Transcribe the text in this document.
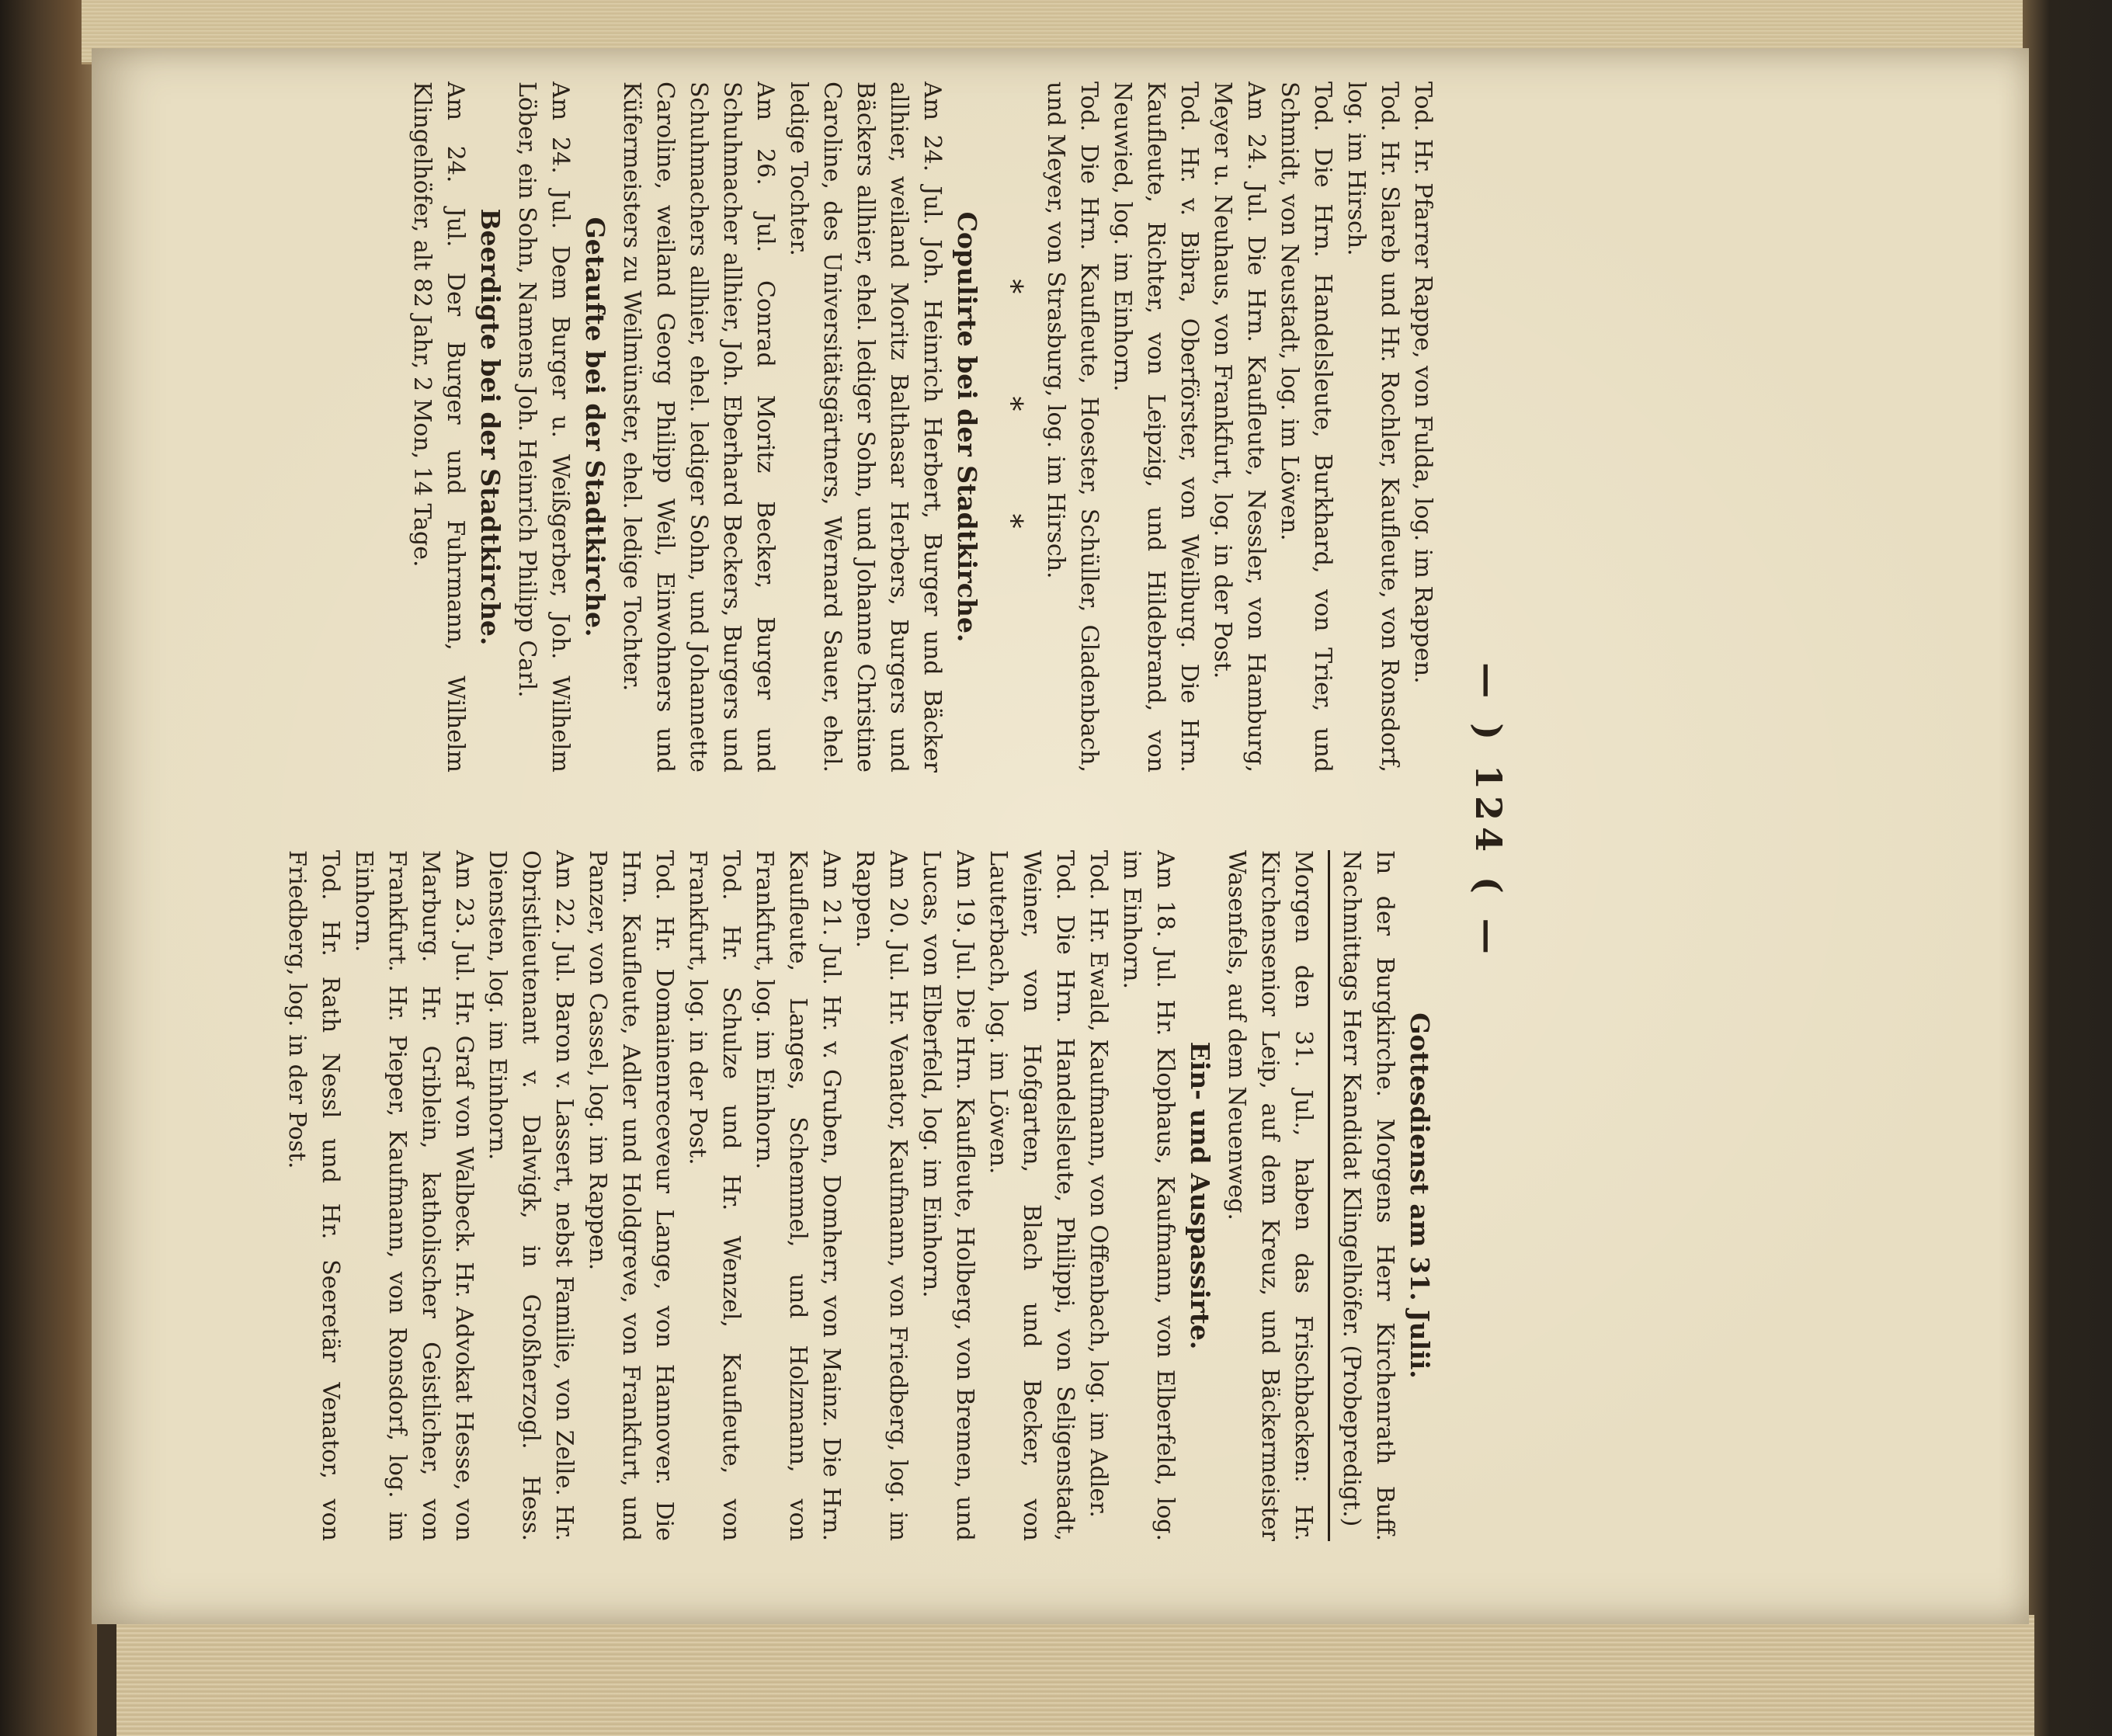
— ) 124 ( —
Tod. Hr. Pfarrer Rappe, von Fulda, log. im Rappen.
Tod. Hr. Slareb und Hr. Rochler, Kaufleute, von Ronsdorf, log. im Hirsch.
Tod. Die Hrn. Handelsleute, Burkhard, von Trier, und Schmidt, von Neustadt, log. im Löwen.
Am 24. Jul. Die Hrn. Kaufleute, Nessler, von Hamburg, Meyer u. Neuhaus, von Frankfurt, log. in der Post.
Tod. Hr. v. Bibra, Oberförster, von Weilburg. Die Hrn. Kaufleute, Richter, von Leipzig, und Hildebrand, von Neuwied, log. im Einhorn.
Tod. Die Hrn. Kaufleute, Hoester, Schüller, Gladenbach, und Meyer, von Strasburg, log. im Hirsch.
* * *
Copulirte bei der Stadtkirche.
Am 24. Jul. Joh. Heinrich Herbert, Burger und Bäcker allhier, weiland Moritz Balthasar Herbers, Burgers und Bäckers allhier, ehel. lediger Sohn, und Johanne Christine Caroline, des Universitätsgärtners, Wernard Sauer, ehel. ledige Tochter.
Am 26. Jul. Conrad Moritz Becker, Burger und Schuhmacher allhier, Joh. Eberhard Beckers, Burgers und Schuhmachers allhier, ehel. lediger Sohn, und Johannette Caroline, weiland Georg Philipp Weil, Einwohners und Küfermeisters zu Weilmünster, ehel. ledige Tochter.
Getaufte bei der Stadtkirche.
Am 24. Jul. Dem Burger u. Weißgerber, Joh. Wilhelm Löber, ein Sohn, Namens Joh. Heinrich Philipp Carl.
Beerdigte bei der Stadtkirche.
Am 24. Jul. Der Burger und Fuhrmann, Wilhelm Klingelhöfer, alt 82 Jahr, 2 Mon, 14 Tage.
Gottesdienst am 31. Julii.
In der Burgkirche. Morgens Herr Kirchenrath Buff. Nachmittags Herr Kandidat Klingelhöfer. (Probepredigt.)
Morgen den 31. Jul., haben das Frischbacken: Hr. Kirchensenior Leip, auf dem Kreuz, und Bäckermeister Wasenfels, auf dem Neuenweg.
Ein- und Auspassirte.
Am 18. Jul. Hr. Klophaus, Kaufmann, von Elberfeld, log. im Einhorn.
Tod. Hr. Ewald, Kaufmann, von Offenbach, log. im Adler.
Tod. Die Hrn. Handelsleute, Philippi, von Seligenstadt, Weiner, von Hofgarten, Blach und Becker, von Lauterbach, log. im Löwen.
Am 19. Jul. Die Hrn. Kaufleute, Holberg, von Bremen, und Lucas, von Elberfeld, log. im Einhorn.
Am 20. Jul. Hr. Venator, Kaufmann, von Friedberg, log. im Rappen.
Am 21. Jul. Hr. v. Gruben, Domherr, von Mainz. Die Hrn. Kaufleute, Langes, Schemmel, und Holzmann, von Frankfurt, log. im Einhorn.
Tod. Hr. Schulze und Hr. Wenzel, Kaufleute, von Frankfurt, log. in der Post.
Tod. Hr. Domainenreceveur Lange, von Hannover. Die Hrn. Kaufleute, Adler und Holdgreve, von Frankfurt, und Panzer, von Cassel, log. im Rappen.
Am 22. Jul. Baron v. Lassert, nebst Familie, von Zelle. Hr. Obristlieutenant v. Dalwigk, in Großherzogl. Hess. Diensten, log. im Einhorn.
Am 23. Jul. Hr. Graf von Walbeck. Hr. Advokat Hesse, von Marburg. Hr. Griblein, katholischer Geistlicher, von Frankfurt. Hr. Pieper, Kaufmann, von Ronsdorf, log. im Einhorn.
Tod. Hr. Rath Nessl und Hr. Seeretär Venator, von Friedberg, log. in der Post.
